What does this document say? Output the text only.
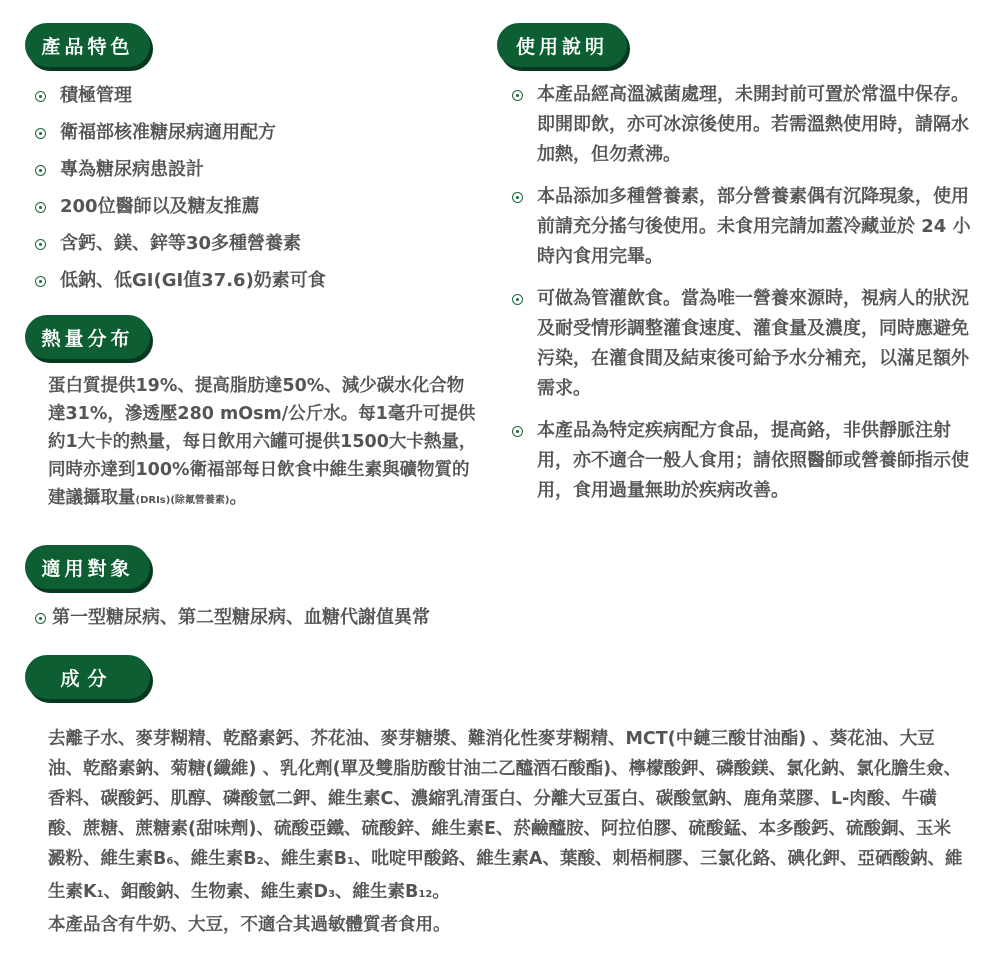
產品特色
積極管理
衛福部核准糖尿病適用配方
專為糖尿病患設計
200位醫師以及糖友推薦
含鈣、鎂、鋅等30多種營養素
低鈉、低GI(GI值37.6)奶素可食
熱量分布
蛋白質提供19%、提高脂肪達50%、減少碳水化合物達31%，滲透壓280 mOsm/公斤水。每1毫升可提供約1大卡的熱量，每日飲用六罐可提供1500大卡熱量，同時亦達到100%衛福部每日飲食中維生素與礦物質的建議攝取量(DRIs)(除氟營養素)。
使用說明
本產品經高溫滅菌處理，未開封前可置於常溫中保存。即開即飲，亦可冰涼後使用。若需溫熱使用時，請隔水加熱，但勿煮沸。
本品添加多種營養素，部分營養素偶有沉降現象，使用前請充分搖勻後使用。未食用完請加蓋冷藏並於 24 小時內食用完畢。
可做為管灌飲食。當為唯一營養來源時，視病人的狀況及耐受情形調整灌食速度、灌食量及濃度，同時應避免污染，在灌食間及結束後可給予水分補充，以滿足額外需求。
本產品為特定疾病配方食品，提高鉻，非供靜脈注射用，亦不適合一般人食用；請依照醫師或營養師指示使用，食用過量無助於疾病改善。
適用對象
第一型糖尿病、第二型糖尿病、血糖代謝值異常
成分

去離子水、麥芽糊精、乾酪素鈣、芥花油、麥芽糖漿、難消化性麥芽糊精、MCT(中鏈三酸甘油酯) 、葵花油、大豆油、乾酪素鈉、菊糖(纖維) 、乳化劑(單及雙脂肪酸甘油二乙醯酒石酸酯)、檸檬酸鉀、磷酸鎂、氯化鈉、氯化膽生僉、香料、碳酸鈣、肌醇、磷酸氫二鉀、維生素C、濃縮乳清蛋白、分離大豆蛋白、碳酸氫鈉、鹿角菜膠、L-肉酸、牛磺酸、蔗糖、蔗糖素(甜味劑)、硫酸亞鐵、硫酸鋅、維生素E、菸鹼醯胺、阿拉伯膠、硫酸錳、本多酸鈣、硫酸銅、玉米澱粉、維生素B6、維生素B2、維生素B1、吡啶甲酸鉻、維生素A、葉酸、刺梧桐膠、三氯化鉻、碘化鉀、亞硒酸鈉、維生素K1、鉬酸鈉、生物素、維生素D3、維生素B12。

本產品含有牛奶、大豆，不適合其過敏體質者食用。
